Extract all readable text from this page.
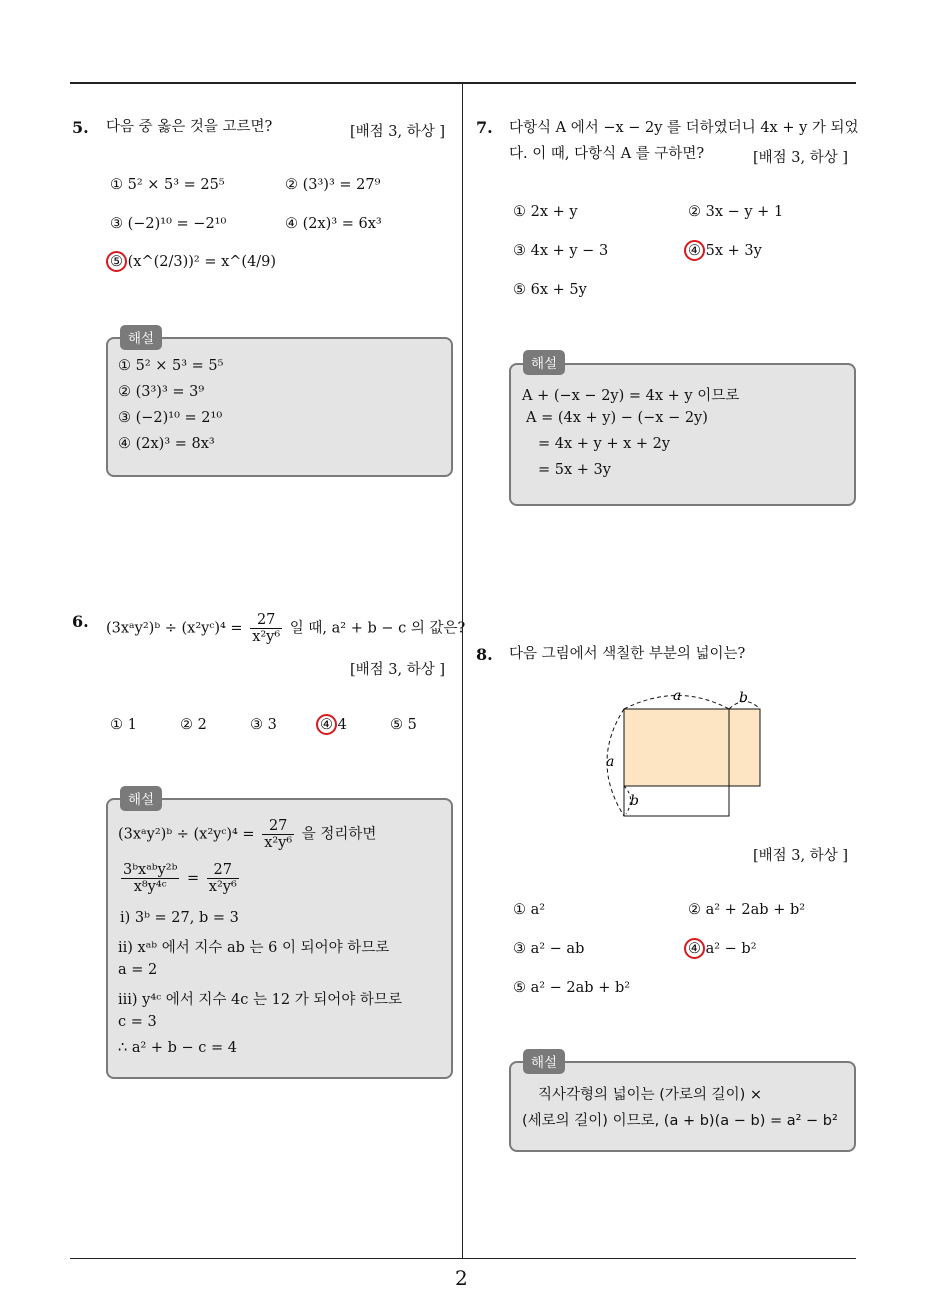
2
5. 다음 중 옳은 것을 고르면?	[배점 3, 하상 ]
① 5² × 5³ = 25⁵	② (3³)³ = 27⁹
③ (−2)¹⁰ = −2¹⁰	④ (2x)³ = 6x³
⑤ (x^(2/3))² = x^(4/9)
해설
① 5² × 5³ = 5⁵
② (3³)³ = 3⁹
③ (−2)¹⁰ = 2¹⁰
④ (2x)³ = 8x³
6. (3xᵃy²)ᵇ ÷ (x²yᶜ)⁴ = $\frac{27}{\text{x²y⁶}}$ 일 때, a² + b − c 의 값은?
[배점 3, 하상 ]
① 1	② 2	③ 3	④ 4	⑤ 5
해설
(3xᵃy²)ᵇ ÷ (x²yᶜ)⁴ = $\frac{27}{\text{x²y⁶}}$ 을 정리하면
$\frac{\text{3ᵇxᵃᵇy²ᵇ}}{\text{x⁸y⁴ᶜ}} = \frac{27}{\text{x²y⁶}}$
ⅰ) 3ᵇ = 27, b = 3
ⅱ) xᵃᵇ 에서 지수 ab 는 6 이 되어야 하므로
a = 2
ⅲ) y⁴ᶜ 에서 지수 4c 는 12 가 되어야 하므로
c = 3
∴ a² + b − c = 4
7. 다항식 A 에서 −x − 2y 를 더하였더니 4x + y 가 되었
다. 이 때, 다항식 A 를 구하면?	[배점 3, 하상 ]
① 2x + y	② 3x − y + 1
③ 4x + y − 3	④ 5x + 3y
⑤ 6x + 5y
해설
A + (−x − 2y) = 4x + y 이므로
A = (4x + y) − (−x − 2y)
= 4x + y + x + 2y
= 5x + 3y
8. 다음 그림에서 색칠한 부분의 넓이는?
a	b
a
b
[배점 3, 하상 ]
① a²	② a² + 2ab + b²
③ a² − ab	④ a² − b²
⑤ a² − 2ab + b²
해설
직사각형의 넓이는 (가로의 길이) ×
(세로의 길이) 이므로, (a + b)(a − b) = a² − b²
